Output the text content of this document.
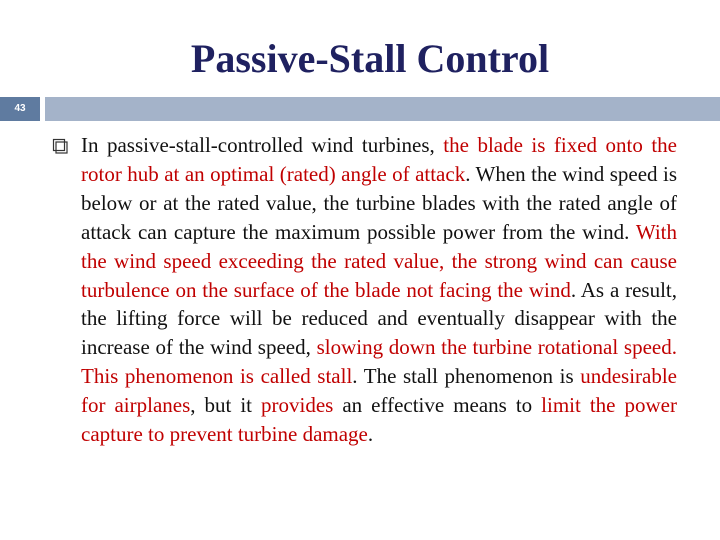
Passive-Stall Control
43
In passive-stall-controlled wind turbines, the blade is fixed onto the rotor hub at an optimal (rated) angle of attack. When the wind speed is below or at the rated value, the turbine blades with the rated angle of attack can capture the maximum possible power from the wind. With the wind speed exceeding the rated value, the strong wind can cause turbulence on the surface of the blade not facing the wind. As a result, the lifting force will be reduced and eventually disappear with the increase of the wind speed, slowing down the turbine rotational speed. This phenomenon is called stall. The stall phenomenon is undesirable for airplanes, but it provides an effective means to limit the power capture to prevent turbine damage.
